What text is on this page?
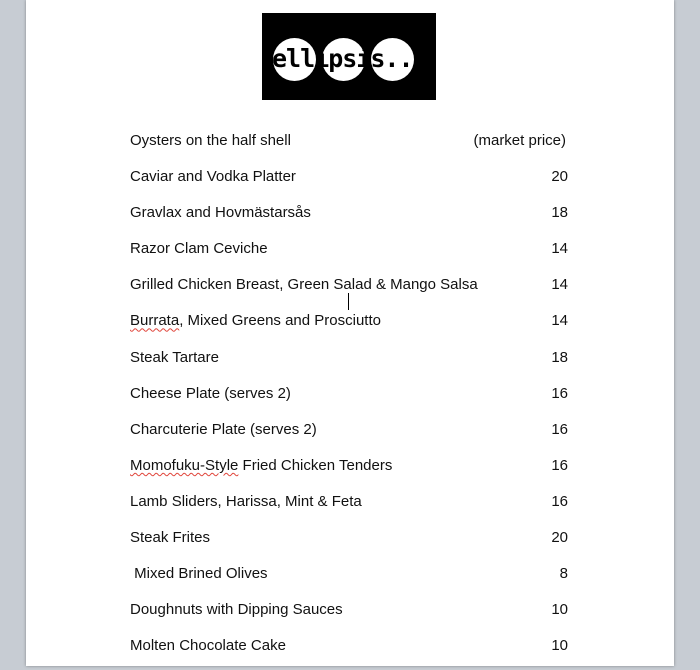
ellipsis...
Oysters on the half shell	(market price)
Caviar and Vodka Platter	20
Gravlax and Hovmästarsås	18
Razor Clam Ceviche	14
Grilled Chicken Breast, Green Salad & Mango Salsa	14
Burrata, Mixed Greens and Prosciutto	14
Steak Tartare	18
Cheese Plate (serves 2)	16
Charcuterie Plate (serves 2)	16
Momofuku-Style Fried Chicken Tenders	16
Lamb Sliders, Harissa, Mint & Feta	16
Steak Frites	20
Mixed Brined Olives	8
Doughnuts with Dipping Sauces	10
Molten Chocolate Cake	10
